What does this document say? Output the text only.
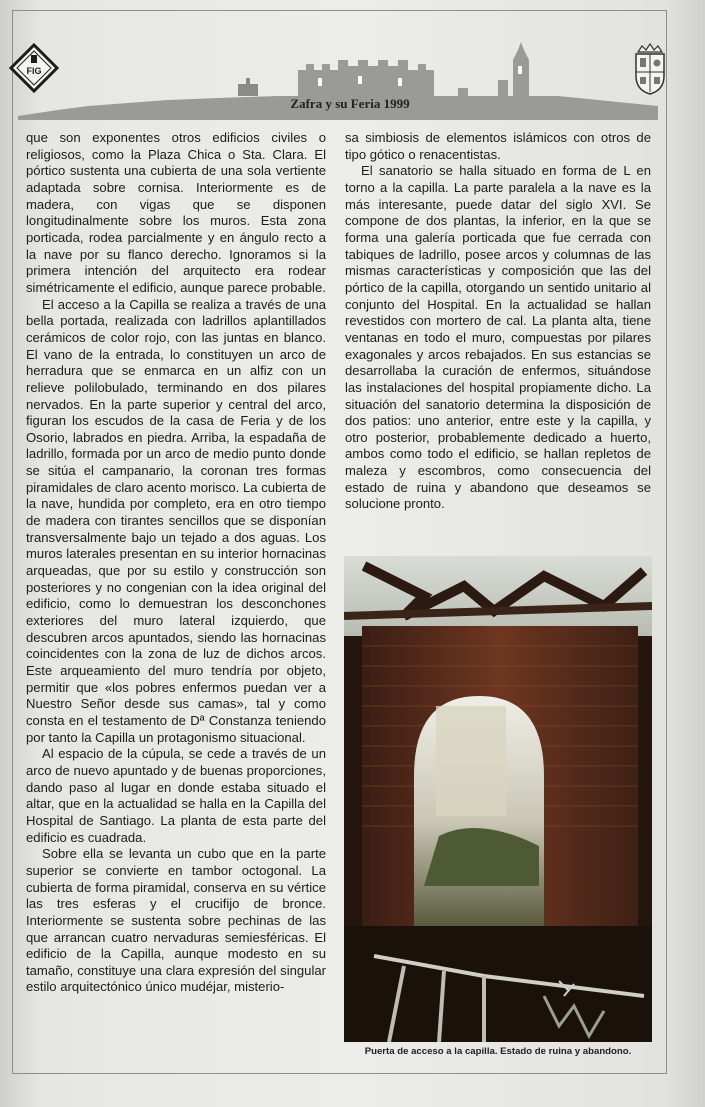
FIG
Zafra y su Feria 1999

que son exponentes otros edificios civiles o religiosos, como la Plaza Chica o Sta. Clara. El pórtico sustenta una cubierta de una sola vertiente adaptada sobre cornisa. Interiormente es de madera, con vigas que se disponen longitudinalmente sobre los muros. Esta zona porticada, rodea parcialmente y en ángulo recto a la nave por su flanco derecho. Ignoramos si la primera intención del arquitecto era rodear simétricamente el edificio, aunque parece probable.

El acceso a la Capilla se realiza a través de una bella portada, realizada con ladrillos aplantillados cerámicos de color rojo, con las juntas en blanco. El vano de la entrada, lo constituyen un arco de herradura que se enmarca en un alfiz con un relieve polilobulado, terminando en dos pilares nervados. En la parte superior y central del arco, figuran los escudos de la casa de Feria y de los Osorio, labrados en piedra. Arriba, la espadaña de ladrillo, formada por un arco de medio punto donde se sitúa el campanario, la coronan tres formas piramidales de claro acento morisco. La cubierta de la nave, hundida por completo, era en otro tiempo de madera con tirantes sencillos que se disponían transversalmente bajo un tejado a dos aguas. Los muros laterales presentan en su interior hornacinas arqueadas, que por su estilo y construcción son posteriores y no congenian con la idea original del edificio, como lo demuestran los desconchones exteriores del muro lateral izquierdo, que descubren arcos apuntados, siendo las hornacinas coincidentes con la zona de luz de dichos arcos. Este arqueamiento del muro tendría por objeto, permitir que «los pobres enfermos puedan ver a Nuestro Señor desde sus camas», tal y como consta en el testamento de Dª Constanza teniendo por tanto la Capilla un protagonismo situacional.

Al espacio de la cúpula, se cede a través de un arco de nuevo apuntado y de buenas proporciones, dando paso al lugar en donde estaba situado el altar, que en la actualidad se halla en la Capilla del Hospital de Santiago. La planta de esta parte del edificio es cuadrada.

Sobre ella se levanta un cubo que en la parte superior se convierte en tambor octogonal. La cubierta de forma piramidal, conserva en su vértice las tres esferas y el crucifijo de bronce. Interiormente se sustenta sobre pechinas de las que arrancan cuatro nervaduras semiesféricas. El edificio de la Capilla, aunque modesto en su tamaño, constituye una clara expresión del singular estilo arquitectónico único mudéjar, misterio-

sa simbiosis de elementos islámicos con otros de tipo gótico o renacentistas.

El sanatorio se halla situado en forma de L en torno a la capilla. La parte paralela a la nave es la más interesante, puede datar del siglo XVI. Se compone de dos plantas, la inferior, en la que se forma una galería porticada que fue cerrada con tabiques de ladrillo, posee arcos y columnas de las mismas características y composición que las del pórtico de la capilla, otorgando un sentido unitario al conjunto del Hospital. En la actualidad se hallan revestidos con mortero de cal. La planta alta, tiene ventanas en todo el muro, compuestas por pilares exagonales y arcos rebajados. En sus estancias se desarrollaba la curación de enfermos, situándose las instalaciones del hospital propiamente dicho. La situación del sanatorio determina la disposición de dos patios: uno anterior, entre este y la capilla, y otro posterior, probablemente dedicado a huerto, ambos como todo el edificio, se hallan repletos de maleza y escombros, como consecuencia del estado de ruina y abandono que deseamos se solucione pronto.

Puerta de acceso a la capilla. Estado de ruina y abandono.
